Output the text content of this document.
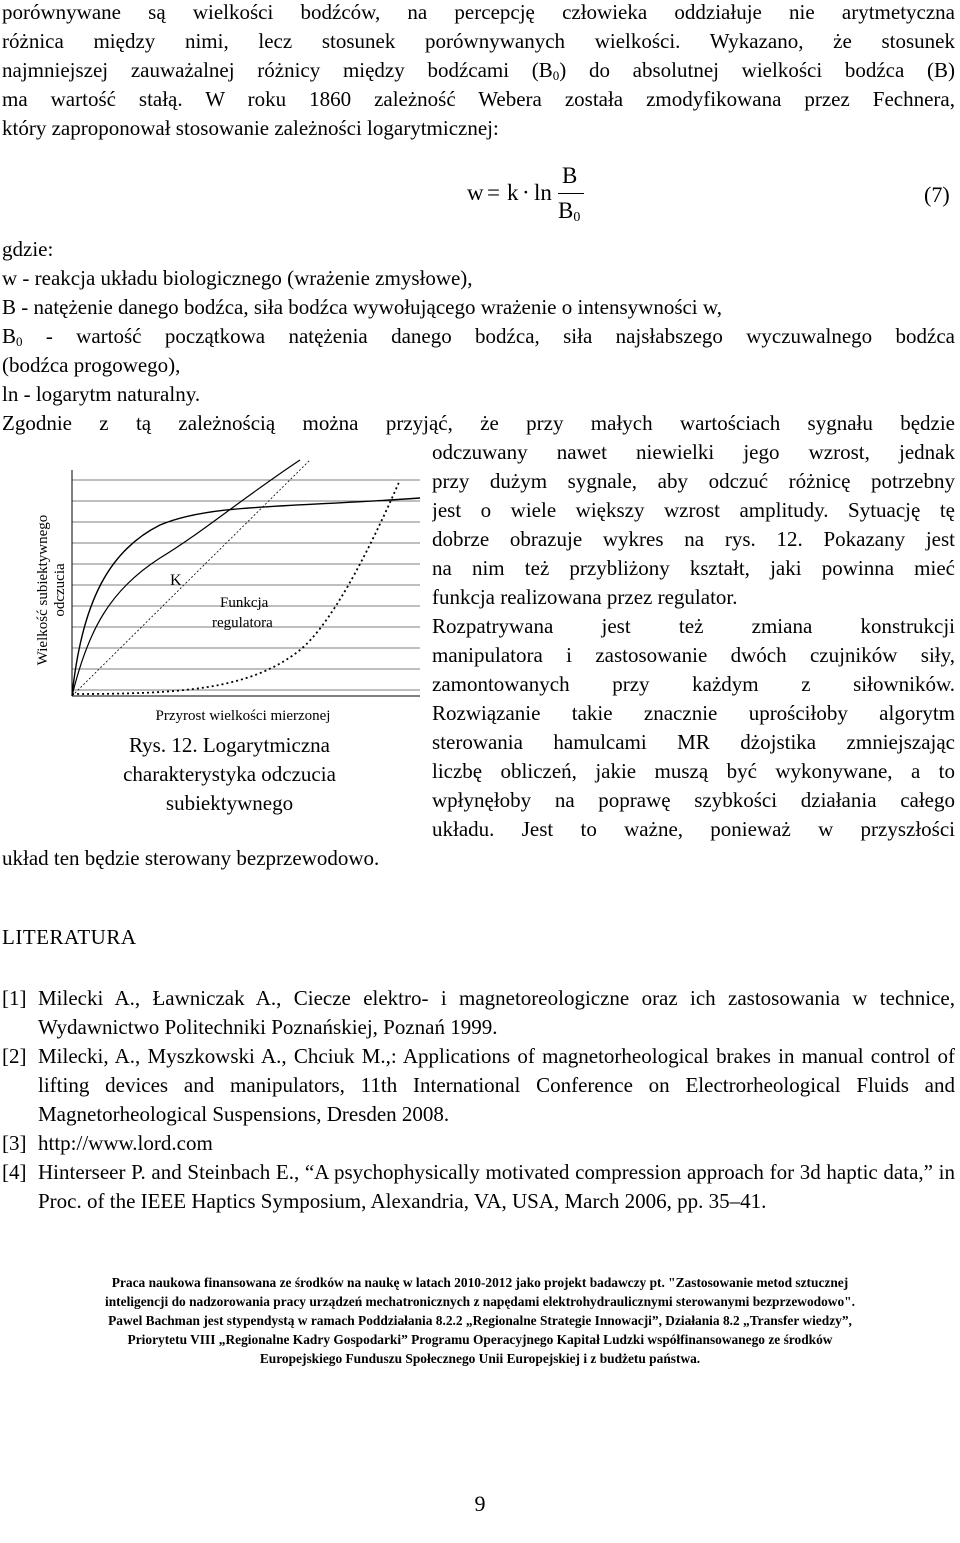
porównywane są wielkości bodźców, na percepcję człowieka oddziałuje nie arytmetyczna
różnica między nimi, lecz stosunek porównywanych wielkości. Wykazano, że stosunek
najmniejszej zauważalnej różnicy między bodźcami $(B_0)$ do absolutnej wielkości bodźca (B)
ma wartość stałą. W roku 1860 zależność Webera została zmodyfikowana przez Fechnera,
który zaproponował stosowanie zależności logarytmicznej:
w = k · ln
B
$B_0$
(7)
gdzie:
w - reakcja układu biologicznego (wrażenie zmysłowe),
B - natężenie danego bodźca, siła bodźca wywołującego wrażenie o intensywności w,
$B_0$ - wartość początkowa natężenia danego bodźca, siła najsłabszego wyczuwalnego bodźca
(bodźca progowego),
ln - logarytm naturalny.
Zgodnie z tą zależnością można przyjąć, że przy małych wartościach sygnału będzie
odczuwany nawet niewielki jego wzrost, jednak
przy dużym sygnale, aby odczuć różnicę potrzebny
jest o wiele większy wzrost amplitudy. Sytuację tę
dobrze obrazuje wykres na rys. 12. Pokazany jest
na nim też przybliżony kształt, jaki powinna mieć
funkcja realizowana przez regulator.
Rozpatrywana jest też zmiana konstrukcji
manipulatora i zastosowanie dwóch czujników siły,
zamontowanych przy każdym z siłowników.
Rozwiązanie takie znacznie uprościłoby algorytm
sterowania hamulcami MR dżojstika zmniejszając
liczbę obliczeń, jakie muszą być wykonywane, a to
wpłynęłoby na poprawę szybkości działania całego
układu. Jest to ważne, ponieważ w przyszłości
układ ten będzie sterowany bezprzewodowo.
Wielkość subiektywnego odczucia	K
Funkcja
regulatora
Przyrost wielkości mierzonej
Rys. 12. Logarytmiczna
charakterystyka odczucia
subiektywnego
LITERATURA
[1] Milecki A., Ławniczak A., Ciecze elektro- i magnetoreologiczne oraz ich zastosowania w technice, Wydawnictwo Politechniki Poznańskiej, Poznań 1999.
[2] Milecki, A., Myszkowski A., Chciuk M.,: Applications of magnetorheological brakes in manual control of lifting devices and manipulators, 11th International Conference on Electrorheological Fluids and Magnetorheological Suspensions, Dresden 2008.
[3] http://www.lord.com
[4] Hinterseer P. and Steinbach E., “A psychophysically motivated compression approach for 3d haptic data,” in Proc. of the IEEE Haptics Symposium, Alexandria, VA, USA, March 2006, pp. 35–41.
Praca naukowa finansowana ze środków na naukę w latach 2010-2012 jako projekt badawczy pt. "Zastosowanie metod sztucznej
inteligencji do nadzorowania pracy urządzeń mechatronicznych z napędami elektrohydraulicznymi sterowanymi bezprzewodowo".
Pawel Bachman jest stypendystą w ramach Poddziałania 8.2.2 „Regionalne Strategie Innowacji”, Działania 8.2 „Transfer wiedzy”,
Priorytetu VIII „Regionalne Kadry Gospodarki” Programu Operacyjnego Kapitał Ludzki współfinansowanego ze środków
Europejskiego Funduszu Społecznego Unii Europejskiej i z budżetu państwa.
9
